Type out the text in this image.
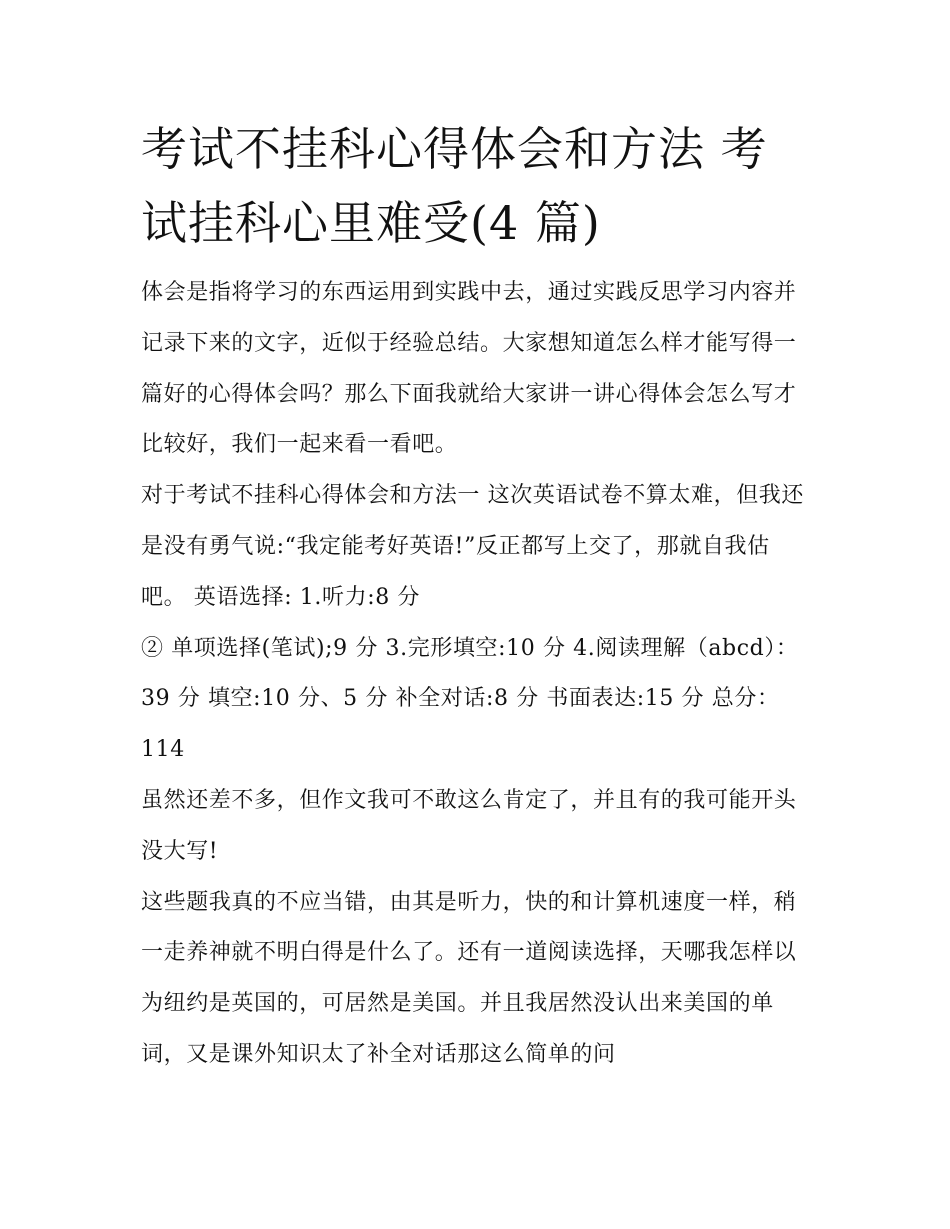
考试不挂科心得体会和方法 考试挂科心里难受(4 篇)

体会是指将学习的东西运用到实践中去，通过实践反思学习内容并记录下来的文字，近似于经验总结。大家想知道怎么样才能写得一篇好的心得体会吗？那么下面我就给大家讲一讲心得体会怎么写才比较好，我们一起来看一看吧。

对于考试不挂科心得体会和方法一 这次英语试卷不算太难，但我还是没有勇气说:“我定能考好英语!”反正都写上交了，那就自我估吧。 英语选择: 1.听力:8 分

② 单项选择(笔试);9 分 3.完形填空:10 分 4.阅读理解（abcd）：39 分 填空:10 分、5 分 补全对话:8 分 书面表达:15 分 总分：114

虽然还差不多，但作文我可不敢这么肯定了，并且有的我可能开头没大写!

这些题我真的不应当错，由其是听力，快的和计算机速度一样，稍一走养神就不明白得是什么了。还有一道阅读选择，天哪我怎样以为纽约是英国的，可居然是美国。并且我居然没认出来美国的单词，又是课外知识太了补全对话那这么简单的问
